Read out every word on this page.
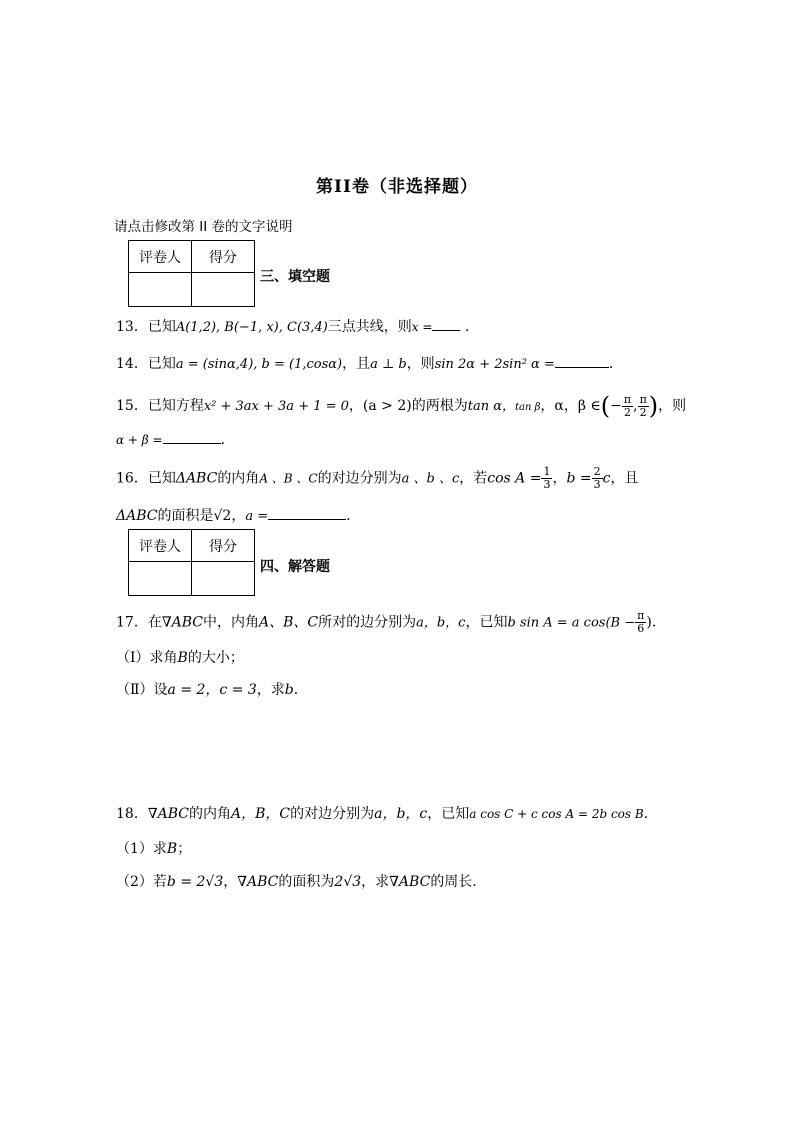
第II卷（非选择题）
请点击修改第 II 卷的文字说明
评卷人	得分

三、填空题
13．已知A(1,2), B(−1, x), C(3,4)三点共线，则x = .
14．已知a = (sinα,4), b = (1,cosα)，且a ⊥ b，则sin 2α + 2sin² α =	．
15．已知方程x² + 3ax + 3a + 1 = 0，(a > 2)的两根为tan α，tan β，α，β ∈(− $\frac{\pi}{2}$ , $\frac{\pi}{2}$ )，则
α + β =	.
16．已知ΔABC的内角A 、B 、C的对边分别为a 、b 、c，若$\cos A = \frac{1}{3}$ ，$b = \frac{2}{3}$ c，且
ΔABC的面积是√2，a =	.
评卷人	得分

四、解答题
17．在∇ABC中，内角A、B、C所对的边分别为a，b，c，已知b sin A = a $\cos(B - \frac{\pi}{6}$ )．
（Ⅰ）求角B的大小；
（Ⅱ）设a = 2，c = 3，求b．
18．∇ABC的内角A，B，C的对边分别为a，b，c，已知a cos C + c cos A = 2b cos B.
（1）求B；
（2）若b = 2√3，∇ABC的面积为2√3，求∇ABC的周长.
